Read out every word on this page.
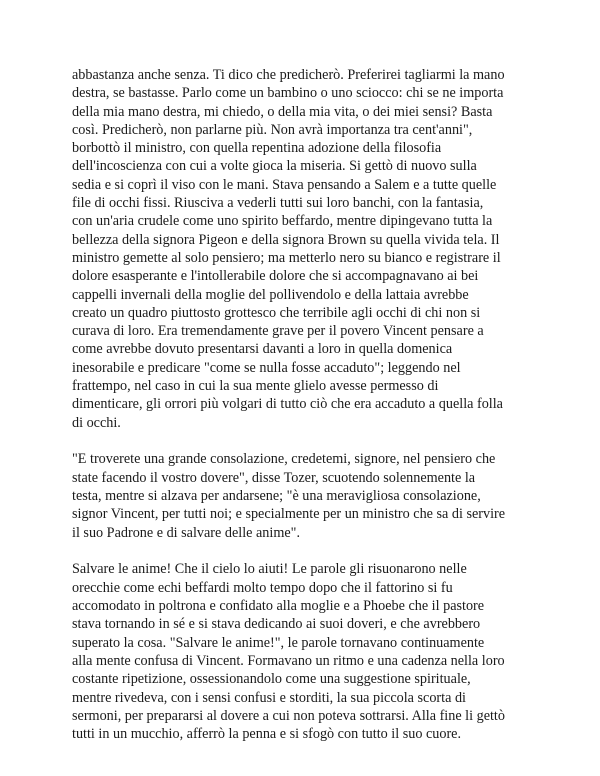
abbastanza anche senza. Ti dico che predicherò. Preferirei tagliarmi la mano
destra, se bastasse. Parlo come un bambino o uno sciocco: chi se ne importa
della mia mano destra, mi chiedo, o della mia vita, o dei miei sensi? Basta
così. Predicherò, non parlarne più. Non avrà importanza tra cent'anni",
borbottò il ministro, con quella repentina adozione della filosofia
dell'incoscienza con cui a volte gioca la miseria. Si gettò di nuovo sulla
sedia e si coprì il viso con le mani. Stava pensando a Salem e a tutte quelle
file di occhi fissi. Riusciva a vederli tutti sui loro banchi, con la fantasia,
con un'aria crudele come uno spirito beffardo, mentre dipingevano tutta la
bellezza della signora Pigeon e della signora Brown su quella vivida tela. Il
ministro gemette al solo pensiero; ma metterlo nero su bianco e registrare il
dolore esasperante e l'intollerabile dolore che si accompagnavano ai bei
cappelli invernali della moglie del pollivendolo e della lattaia avrebbe
creato un quadro piuttosto grottesco che terribile agli occhi di chi non si
curava di loro. Era tremendamente grave per il povero Vincent pensare a
come avrebbe dovuto presentarsi davanti a loro in quella domenica
inesorabile e predicare "come se nulla fosse accaduto"; leggendo nel
frattempo, nel caso in cui la sua mente glielo avesse permesso di
dimenticare, gli orrori più volgari di tutto ciò che era accaduto a quella folla
di occhi.

"E troverete una grande consolazione, credetemi, signore, nel pensiero che
state facendo il vostro dovere", disse Tozer, scuotendo solennemente la
testa, mentre si alzava per andarsene; "è una meravigliosa consolazione,
signor Vincent, per tutti noi; e specialmente per un ministro che sa di servire
il suo Padrone e di salvare delle anime".

Salvare le anime! Che il cielo lo aiuti! Le parole gli risuonarono nelle
orecchie come echi beffardi molto tempo dopo che il fattorino si fu
accomodato in poltrona e confidato alla moglie e a Phoebe che il pastore
stava tornando in sé e si stava dedicando ai suoi doveri, e che avrebbero
superato la cosa. "Salvare le anime!", le parole tornavano continuamente
alla mente confusa di Vincent. Formavano un ritmo e una cadenza nella loro
costante ripetizione, ossessionandolo come una suggestione spirituale,
mentre rivedeva, con i sensi confusi e storditi, la sua piccola scorta di
sermoni, per prepararsi al dovere a cui non poteva sottrarsi. Alla fine li gettò
tutti in un mucchio, afferrò la penna e si sfogò con tutto il suo cuore.
